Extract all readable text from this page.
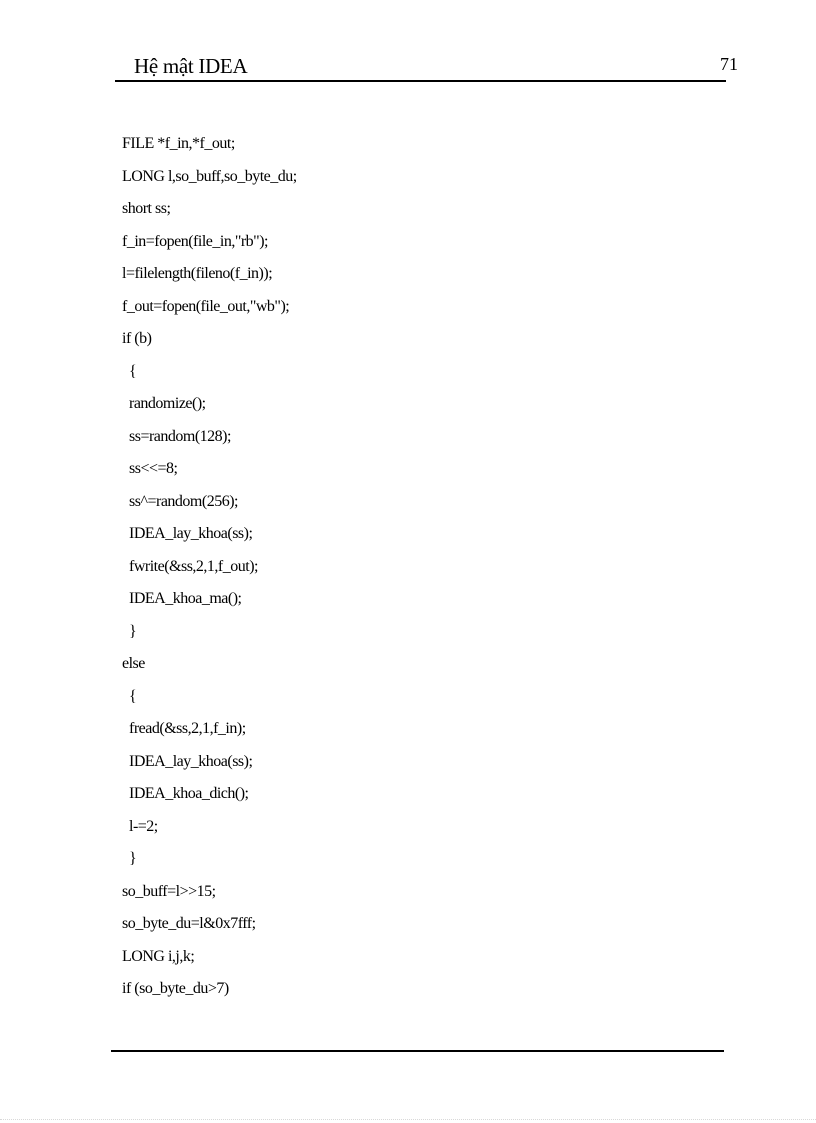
Hệ mật IDEA	71
FILE *f_in,*f_out;
LONG l,so_buff,so_byte_du;
short ss;
f_in=fopen(file_in,"rb");
l=filelength(fileno(f_in));
f_out=fopen(file_out,"wb");
if (b)
{
randomize();
ss=random(128);
ss<<=8;
ss^=random(256);
IDEA_lay_khoa(ss);
fwrite(&ss,2,1,f_out);
IDEA_khoa_ma();
}
else
{
fread(&ss,2,1,f_in);
IDEA_lay_khoa(ss);
IDEA_khoa_dich();
l-=2;
}
so_buff=l>>15;
so_byte_du=l&0x7fff;
LONG i,j,k;
if (so_byte_du>7)
